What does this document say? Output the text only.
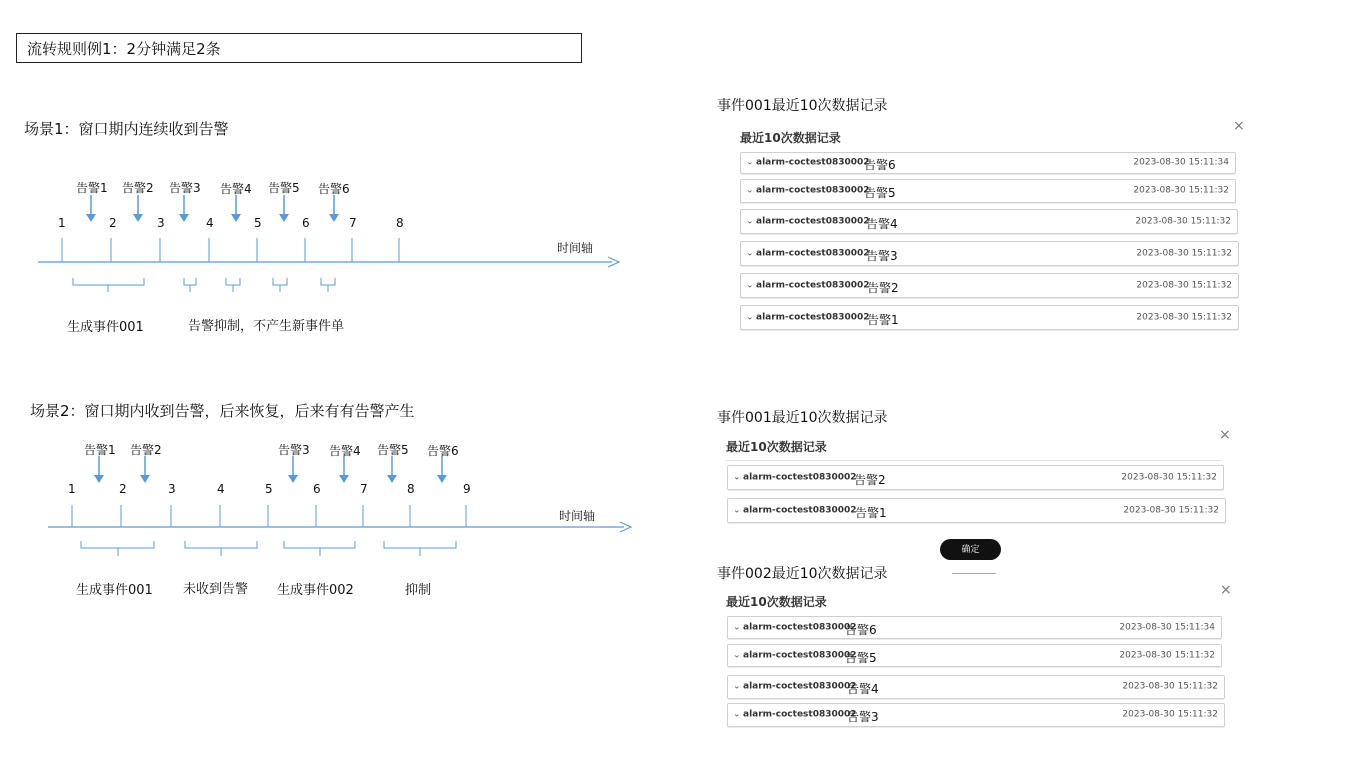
流转规则例1：2分钟满足2条
场景1：窗口期内连续收到告警
告警1 告警2 告警3 告警4 告警5 告警6
1	2	3	4	5	6	7	8
时间轴
生成事件001	告警抑制，不产生新事件单
场景2：窗口期内收到告警，后来恢复，后来有有告警产生
告警1 告警2	告警3 告警4 告警5 告警6
1	2	3	4	5	6	7	8	9
时间轴
生成事件001 未收到告警 生成事件002	抑制
事件001最近10次数据记录
最近10次数据记录
×
⌄ alarm-coctest0830002
告警6	2023-08-30 15:11:34
⌄ alarm-coctest0830002
告警5	2023-08-30 15:11:32
⌄ alarm-coctest0830002
告警4	2023-08-30 15:11:32
⌄ alarm-coctest0830002
告警3	2023-08-30 15:11:32
⌄ alarm-coctest0830002
告警2	2023-08-30 15:11:32
⌄ alarm-coctest0830002
告警1	2023-08-30 15:11:32
事件001最近10次数据记录
最近10次数据记录
×
⌄ alarm-coctest0830002
告警2	2023-08-30 15:11:32
⌄ alarm-coctest0830002
告警1	2023-08-30 15:11:32
确定
事件002最近10次数据记录
最近10次数据记录
×
⌄ alarm-coctest0830002
告警6	2023-08-30 15:11:34
⌄ alarm-coctest0830002
告警5	2023-08-30 15:11:32
⌄ alarm-coctest0830002
告警4	2023-08-30 15:11:32
⌄ alarm-coctest0830002
告警3	2023-08-30 15:11:32
